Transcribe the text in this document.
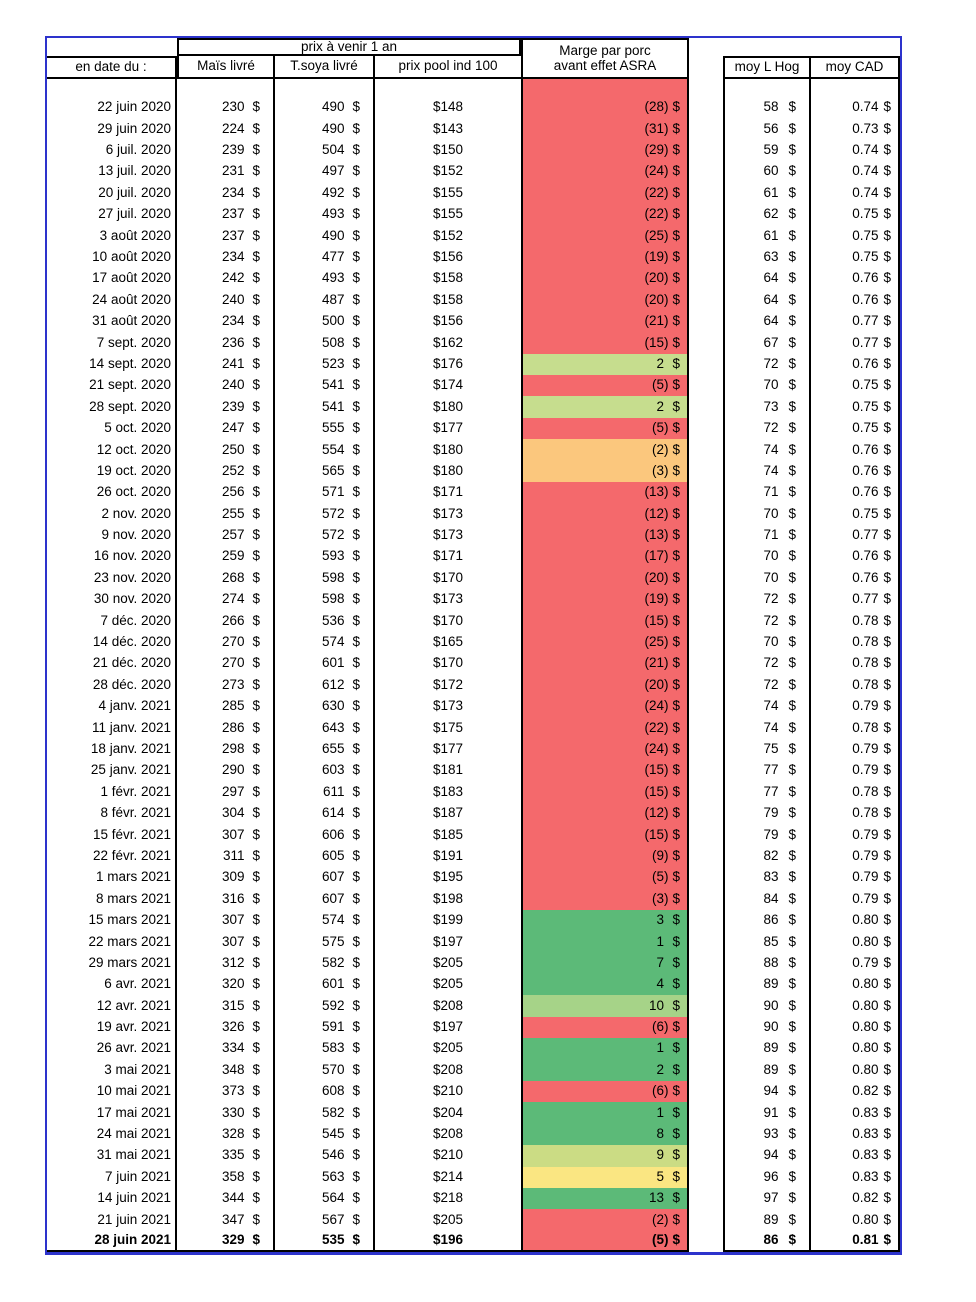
prix à venir 1 an	Marge par porc
avant effet ASRA
en date du :	Maïs livré	T.soya livré	prix pool ind 100	moy L Hog	moy CAD
22 juin 2020	230 $	490 $	$148	(28) $	58 $	0.74 $
29 juin 2020	224 $	490 $	$143	(31) $	56 $	0.73 $
6 juil. 2020	239 $	504 $	$150	(29) $	59 $	0.74 $
13 juil. 2020	231 $	497 $	$152	(24) $	60 $	0.74 $
20 juil. 2020	234 $	492 $	$155	(22) $	61 $	0.74 $
27 juil. 2020	237 $	493 $	$155	(22) $	62 $	0.75 $
3 août 2020	237 $	490 $	$152	(25) $	61 $	0.75 $
10 août 2020	234 $	477 $	$156	(19) $	63 $	0.75 $
17 août 2020	242 $	493 $	$158	(20) $	64 $	0.76 $
24 août 2020	240 $	487 $	$158	(20) $	64 $	0.76 $
31 août 2020	234 $	500 $	$156	(21) $	64 $	0.77 $
7 sept. 2020	236 $	508 $	$162	(15) $	67 $	0.77 $
14 sept. 2020	241 $	523 $	$176	2 $	72 $	0.76 $
21 sept. 2020	240 $	541 $	$174	(5) $	70 $	0.75 $
28 sept. 2020	239 $	541 $	$180	2 $	73 $	0.75 $
5 oct. 2020	247 $	555 $	$177	(5) $	72 $	0.75 $
12 oct. 2020	250 $	554 $	$180	(2) $	74 $	0.76 $
19 oct. 2020	252 $	565 $	$180	(3) $	74 $	0.76 $
26 oct. 2020	256 $	571 $	$171	(13) $	71 $	0.76 $
2 nov. 2020	255 $	572 $	$173	(12) $	70 $	0.75 $
9 nov. 2020	257 $	572 $	$173	(13) $	71 $	0.77 $
16 nov. 2020	259 $	593 $	$171	(17) $	70 $	0.76 $
23 nov. 2020	268 $	598 $	$170	(20) $	70 $	0.76 $
30 nov. 2020	274 $	598 $	$173	(19) $	72 $	0.77 $
7 déc. 2020	266 $	536 $	$170	(15) $	72 $	0.78 $
14 déc. 2020	270 $	574 $	$165	(25) $	70 $	0.78 $
21 déc. 2020	270 $	601 $	$170	(21) $	72 $	0.78 $
28 déc. 2020	273 $	612 $	$172	(20) $	72 $	0.78 $
4 janv. 2021	285 $	630 $	$173	(24) $	74 $	0.79 $
11 janv. 2021	286 $	643 $	$175	(22) $	74 $	0.78 $
18 janv. 2021	298 $	655 $	$177	(24) $	75 $	0.79 $
25 janv. 2021	290 $	603 $	$181	(15) $	77 $	0.79 $
1 févr. 2021	297 $	611 $	$183	(15) $	77 $	0.78 $
8 févr. 2021	304 $	614 $	$187	(12) $	79 $	0.78 $
15 févr. 2021	307 $	606 $	$185	(15) $	79 $	0.79 $
22 févr. 2021	311 $	605 $	$191	(9) $	82 $	0.79 $
1 mars 2021	309 $	607 $	$195	(5) $	83 $	0.79 $
8 mars 2021	316 $	607 $	$198	(3) $	84 $	0.79 $
15 mars 2021	307 $	574 $	$199	3 $	86 $	0.80 $
22 mars 2021	307 $	575 $	$197	1 $	85 $	0.80 $
29 mars 2021	312 $	582 $	$205	7 $	88 $	0.79 $
6 avr. 2021	320 $	601 $	$205	4 $	89 $	0.80 $
12 avr. 2021	315 $	592 $	$208	10 $	90 $	0.80 $
19 avr. 2021	326 $	591 $	$197	(6) $	90 $	0.80 $
26 avr. 2021	334 $	583 $	$205	1 $	89 $	0.80 $
3 mai 2021	348 $	570 $	$208	2 $	89 $	0.80 $
10 mai 2021	373 $	608 $	$210	(6) $	94 $	0.82 $
17 mai 2021	330 $	582 $	$204	1 $	91 $	0.83 $
24 mai 2021	328 $	545 $	$208	8 $	93 $	0.83 $
31 mai 2021	335 $	546 $	$210	9 $	94 $	0.83 $
7 juin 2021	358 $	563 $	$214	5 $	96 $	0.83 $
14 juin 2021	344 $	564 $	$218	13 $	97 $	0.82 $
21 juin 2021	347 $	567 $	$205	(2) $	89 $	0.80 $
28 juin 2021	329 $	535 $	$196	(5) $	86 $	0.81 $
